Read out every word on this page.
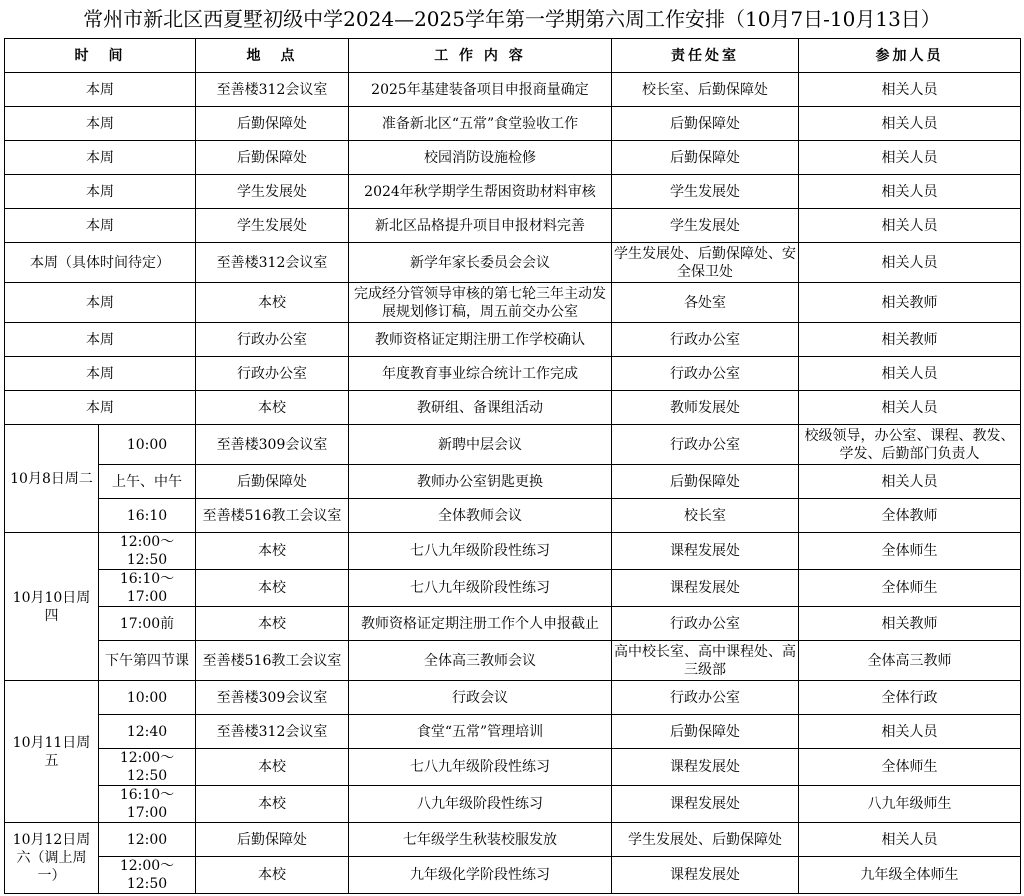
常州市新北区西夏墅初级中学2024—2025学年第一学期第六周工作安排（10月7日-10月13日）
时　间		地　点	工 作 内 容	责任处室	参加人员
本周		至善楼312会议室	2025年基建装备项目申报商量确定	校长室、后勤保障处	相关人员
本周		后勤保障处	准备新北区“五常”食堂验收工作	后勤保障处	相关人员
本周		后勤保障处	校园消防设施检修	后勤保障处	相关人员
本周		学生发展处	2024年秋学期学生帮困资助材料审核	学生发展处	相关人员
本周		学生发展处	新北区品格提升项目申报材料完善	学生发展处	相关人员
本周（具体时间待定）		至善楼312会议室	新学年家长委员会会议	学生发展处、后勤保障处、安全保卫处	相关人员
本周		本校	完成经分管领导审核的第七轮三年主动发展规划修订稿，周五前交办公室	各处室	相关教师
本周		行政办公室	教师资格证定期注册工作学校确认	行政办公室	相关教师
本周		行政办公室	年度教育事业综合统计工作完成	行政办公室	相关人员
本周		本校	教研组、备课组活动	教师发展处	相关人员
10月8日周二	10:00	至善楼309会议室	新聘中层会议	行政办公室	校级领导，办公室、课程、教发、学发、后勤部门负责人
	上午、中午	后勤保障处	教师办公室钥匙更换	后勤保障处	相关人员
	16:10	至善楼516教工会议室	全体教师会议	校长室	全体教师
10月10日周四	12:00～12:50	本校	七八九年级阶段性练习	课程发展处	全体师生
	16:10～17:00	本校	七八九年级阶段性练习	课程发展处	全体师生
	17:00前	本校	教师资格证定期注册工作个人申报截止	行政办公室	相关教师
	下午第四节课	至善楼516教工会议室	全体高三教师会议	高中校长室、高中课程处、高三级部	全体高三教师
10月11日周五	10:00	至善楼309会议室	行政会议	行政办公室	全体行政
	12:40	至善楼312会议室	食堂“五常”管理培训	后勤保障处	相关人员
	12:00～12:50	本校	七八九年级阶段性练习	课程发展处	全体师生
	16:10～17:00	本校	八九年级阶段性练习	课程发展处	八九年级师生
10月12日周六（调上周一）	12:00	后勤保障处	七年级学生秋装校服发放	学生发展处、后勤保障处	相关人员
	12:00～12:50	本校	九年级化学阶段性练习	课程发展处	九年级全体师生
